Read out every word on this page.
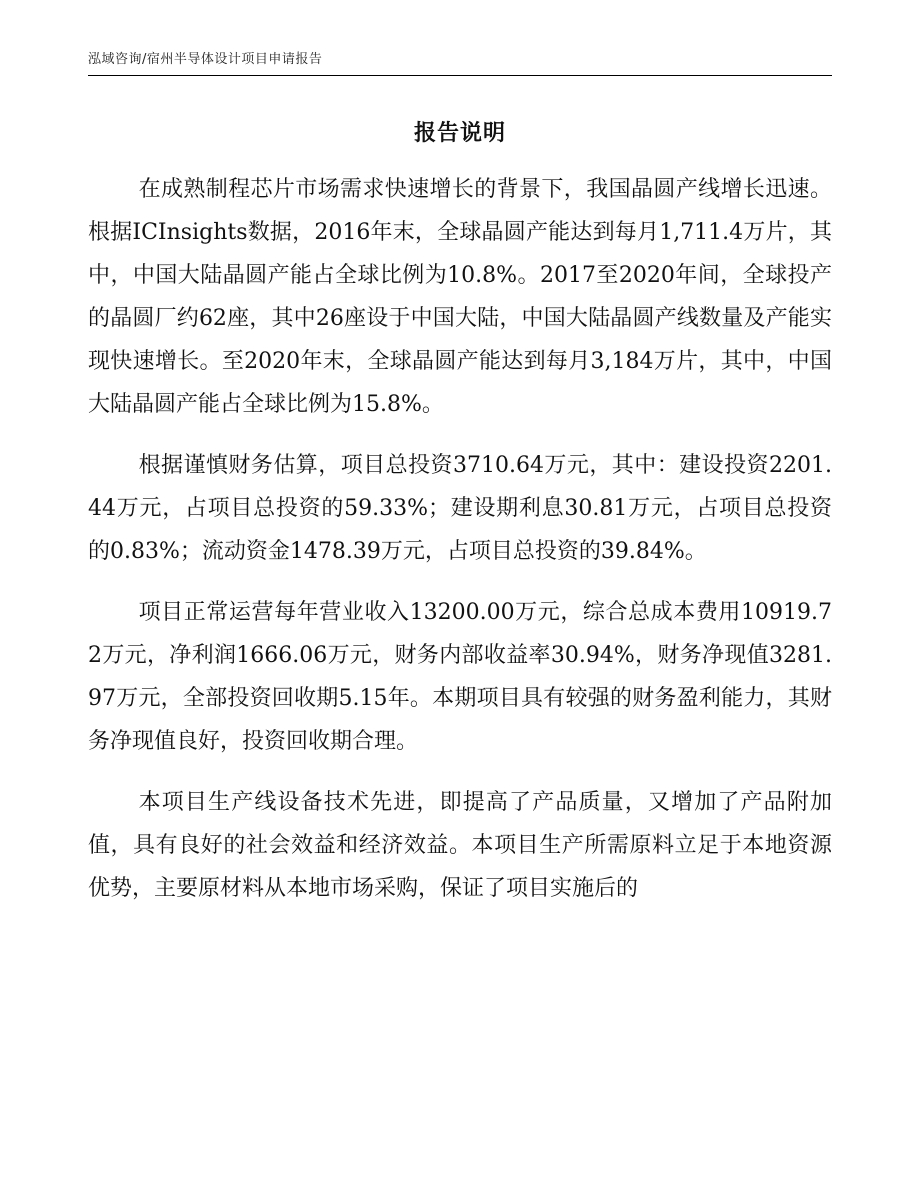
泓域咨询/宿州半导体设计项目申请报告
报告说明

在成熟制程芯片市场需求快速增长的背景下，我国晶圆产线增长迅速。根据ICInsights数据，2016年末，全球晶圆产能达到每月1,711.4万片，其中，中国大陆晶圆产能占全球比例为10.8%。2017至2020年间，全球投产的晶圆厂约62座，其中26座设于中国大陆，中国大陆晶圆产线数量及产能实现快速增长。至2020年末，全球晶圆产能达到每月3,184万片，其中，中国大陆晶圆产能占全球比例为15.8%。

根据谨慎财务估算，项目总投资3710.64万元，其中：建设投资2201.44万元，占项目总投资的59.33%；建设期利息30.81万元，占项目总投资的0.83%；流动资金1478.39万元，占项目总投资的39.84%。

项目正常运营每年营业收入13200.00万元，综合总成本费用10919.72万元，净利润1666.06万元，财务内部收益率30.94%，财务净现值3281.97万元，全部投资回收期5.15年。本期项目具有较强的财务盈利能力，其财务净现值良好，投资回收期合理。

本项目生产线设备技术先进，即提高了产品质量，又增加了产品附加值，具有良好的社会效益和经济效益。本项目生产所需原料立足于本地资源优势，主要原材料从本地市场采购，保证了项目实施后的
